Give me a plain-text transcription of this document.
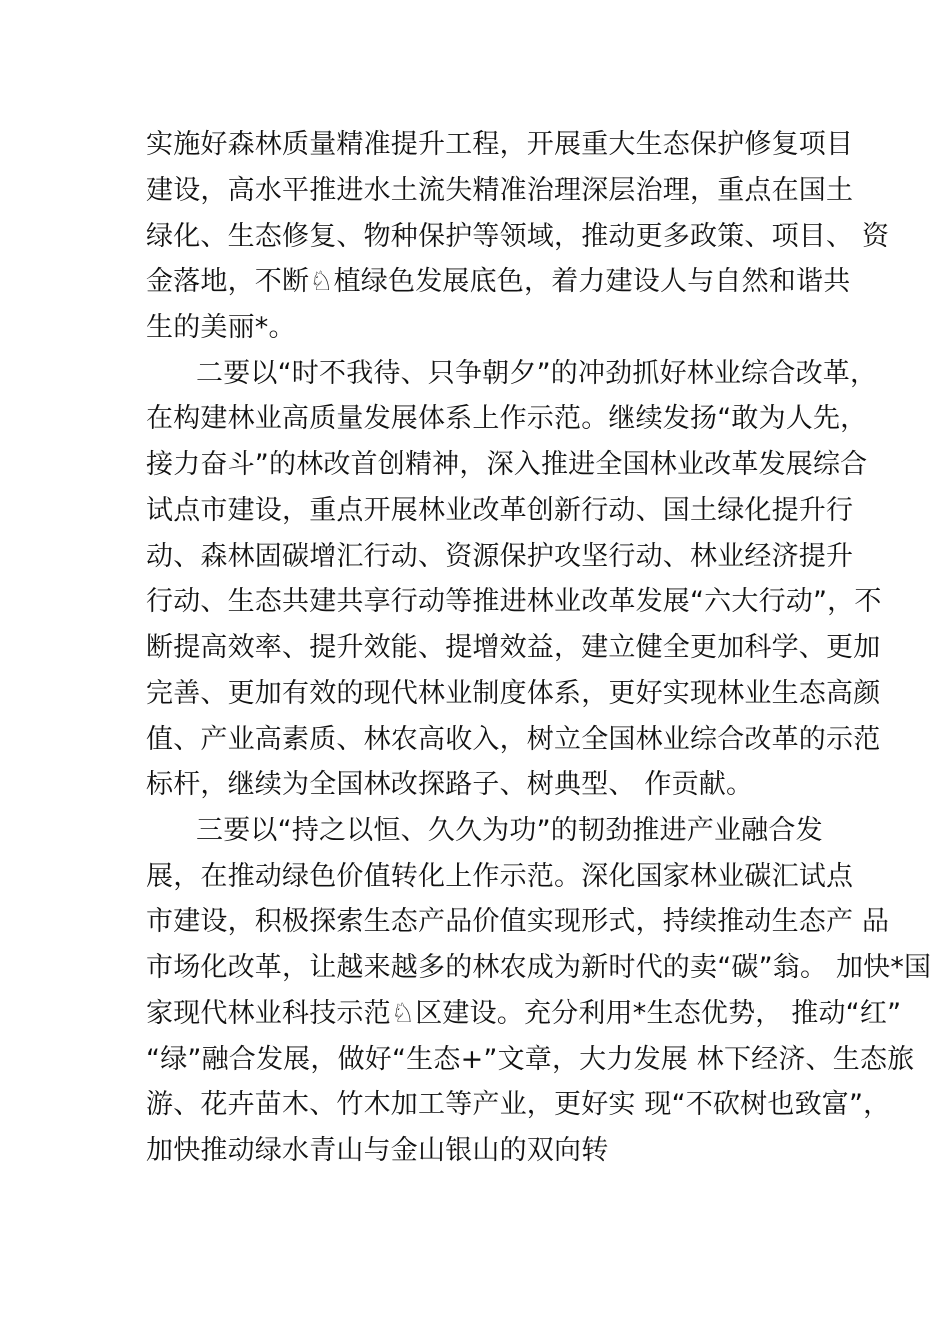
实施好森林质量精准提升工程，开展重大生态保护修复项目
建设，高水平推进水土流失精准治理深层治理，重点在国土
绿化、生态修复、物种保护等领域，推动更多政策、项目、 资
金落地，不断♘植绿色发展底色，着力建设人与自然和谐共
生的美丽*。
二要以“时不我待、只争朝夕”的冲劲抓好林业综合改革，
在构建林业高质量发展体系上作示范。继续发扬“敢为人先，
接力奋斗”的林改首创精神，深入推进全国林业改革发展综合
试点市建设，重点开展林业改革创新行动、国土绿化提升行
动、森林固碳增汇行动、资源保护攻坚行动、林业经济提升
行动、生态共建共享行动等推进林业改革发展“六大行动”，不
断提高效率、提升效能、提增效益，建立健全更加科学、更加
完善、更加有效的现代林业制度体系，更好实现林业生态高颜
值、产业高素质、林农高收入，树立全国林业综合改革的示范
标杆，继续为全国林改探路子、树典型、 作贡献。
三要以“持之以恒、久久为功”的韧劲推进产业融合发
展，在推动绿色价值转化上作示范。深化国家林业碳汇试点
市建设，积极探索生态产品价值实现形式，持续推动生态产 品
市场化改革，让越来越多的林农成为新时代的卖“碳”翁。 加快*国
家现代林业科技示范♘区建设。充分利用*生态优势， 推动“红”
“绿”融合发展，做好“生态+”文章，大力发展 林下经济、生态旅
游、花卉苗木、竹木加工等产业，更好实 现“不砍树也致富”，
加快推动绿水青山与金山银山的双向转
